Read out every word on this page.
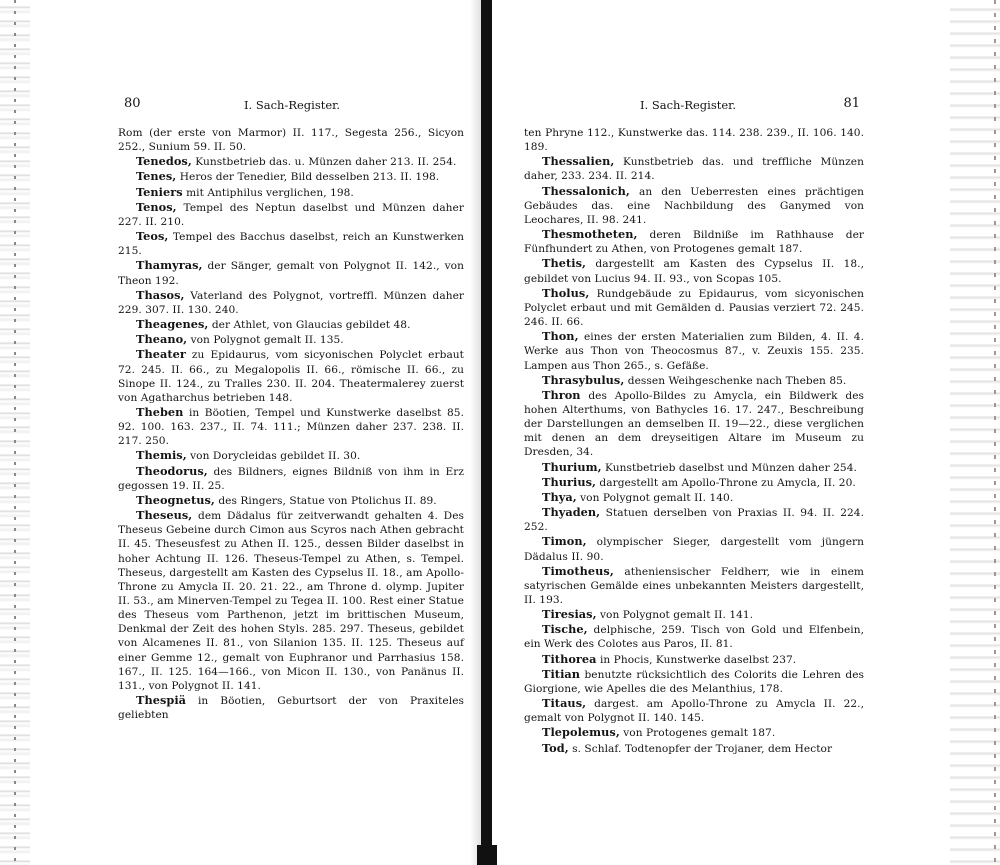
80	I. Sach-Register.

Rom (der erste von Marmor) II. 117., Segesta 256., Sicyon 252., Sunium 59. II. 50.

Tenedos, Kunstbetrieb das. u. Münzen daher 213. II. 254.

Tenes, Heros der Tenedier, Bild desselben 213. II. 198.

Teniers mit Antiphilus verglichen, 198.

Tenos, Tempel des Neptun daselbst und Münzen daher 227. II. 210.

Teos, Tempel des Bacchus daselbst, reich an Kunstwerken 215.

Thamyras, der Sänger, gemalt von Polygnot II. 142., von Theon 192.

Thasos, Vaterland des Polygnot, vortreffl. Münzen daher 229. 307. II. 130. 240.

Theagenes, der Athlet, von Glaucias gebildet 48.

Theano, von Polygnot gemalt II. 135.

Theater zu Epidaurus, vom sicyonischen Polyclet erbaut 72. 245. II. 66., zu Megalopolis II. 66., römische II. 66., zu Sinope II. 124., zu Tralles 230. II. 204. Theatermalerey zuerst von Agatharchus betrieben 148.

Theben in Böotien, Tempel und Kunstwerke daselbst 85. 92. 100. 163. 237., II. 74. 111.; Münzen daher 237. 238. II. 217. 250.

Themis, von Dorycleidas gebildet II. 30.

Theodorus, des Bildners, eignes Bildniß von ihm in Erz gegossen 19. II. 25.

Theognetus, des Ringers, Statue von Ptolichus II. 89.

Theseus, dem Dädalus für zeitverwandt gehalten 4. Des Theseus Gebeine durch Cimon aus Scyros nach Athen gebracht II. 45. Theseusfest zu Athen II. 125., dessen Bilder daselbst in hoher Achtung II. 126. Theseus-Tempel zu Athen, s. Tempel. Theseus, dargestellt am Kasten des Cypselus II. 18., am Apollo-Throne zu Amycla II. 20. 21. 22., am Throne d. olymp. Jupiter II. 53., am Minerven-Tempel zu Tegea II. 100. Rest einer Statue des Theseus vom Parthenon, jetzt im brittischen Museum, Denkmal der Zeit des hohen Styls. 285. 297. Theseus, gebildet von Alcamenes II. 81., von Silanion 135. II. 125. Theseus auf einer Gemme 12., gemalt von Euphranor und Parrhasius 158. 167., II. 125. 164—166., von Micon II. 130., von Panänus II. 131., von Polygnot II. 141.

Thespiä in Böotien, Geburtsort der von Praxiteles geliebten

I. Sach-Register.	81

ten Phryne 112., Kunstwerke das. 114. 238. 239., II. 106. 140. 189.

Thessalien, Kunstbetrieb das. und treffliche Münzen daher, 233. 234. II. 214.

Thessalonich, an den Ueberresten eines prächtigen Gebäudes das. eine Nachbildung des Ganymed von Leochares, II. 98. 241.

Thesmotheten, deren Bildniße im Rathhause der Fünfhundert zu Athen, von Protogenes gemalt 187.

Thetis, dargestellt am Kasten des Cypselus II. 18., gebildet von Lucius 94. II. 93., von Scopas 105.

Tholus, Rundgebäude zu Epidaurus, vom sicyonischen Polyclet erbaut und mit Gemälden d. Pausias verziert 72. 245. 246. II. 66.

Thon, eines der ersten Materialien zum Bilden, 4. II. 4. Werke aus Thon von Theocosmus 87., v. Zeuxis 155. 235. Lampen aus Thon 265., s. Gefäße.

Thrasybulus, dessen Weihgeschenke nach Theben 85.

Thron des Apollo-Bildes zu Amycla, ein Bildwerk des hohen Alterthums, von Bathycles 16. 17. 247., Beschreibung der Darstellungen an demselben II. 19—22., diese verglichen mit denen an dem dreyseitigen Altare im Museum zu Dresden, 34.

Thurium, Kunstbetrieb daselbst und Münzen daher 254.

Thurius, dargestellt am Apollo-Throne zu Amycla, II. 20.

Thya, von Polygnot gemalt II. 140.

Thyaden, Statuen derselben von Praxias II. 94. II. 224. 252.

Timon, olympischer Sieger, dargestellt vom jüngern Dädalus II. 90.

Timotheus, atheniensischer Feldherr, wie in einem satyrischen Gemälde eines unbekannten Meisters dargestellt, II. 193.

Tiresias, von Polygnot gemalt II. 141.

Tische, delphische, 259. Tisch von Gold und Elfenbein, ein Werk des Colotes aus Paros, II. 81.

Tithorea in Phocis, Kunstwerke daselbst 237.

Titian benutzte rücksichtlich des Colorits die Lehren des Giorgione, wie Apelles die des Melanthius, 178.

Titaus, dargest. am Apollo-Throne zu Amycla II. 22., gemalt von Polygnot II. 140. 145.

Tlepolemus, von Protogenes gemalt 187.

Tod, s. Schlaf. Todtenopfer der Trojaner, dem Hector
